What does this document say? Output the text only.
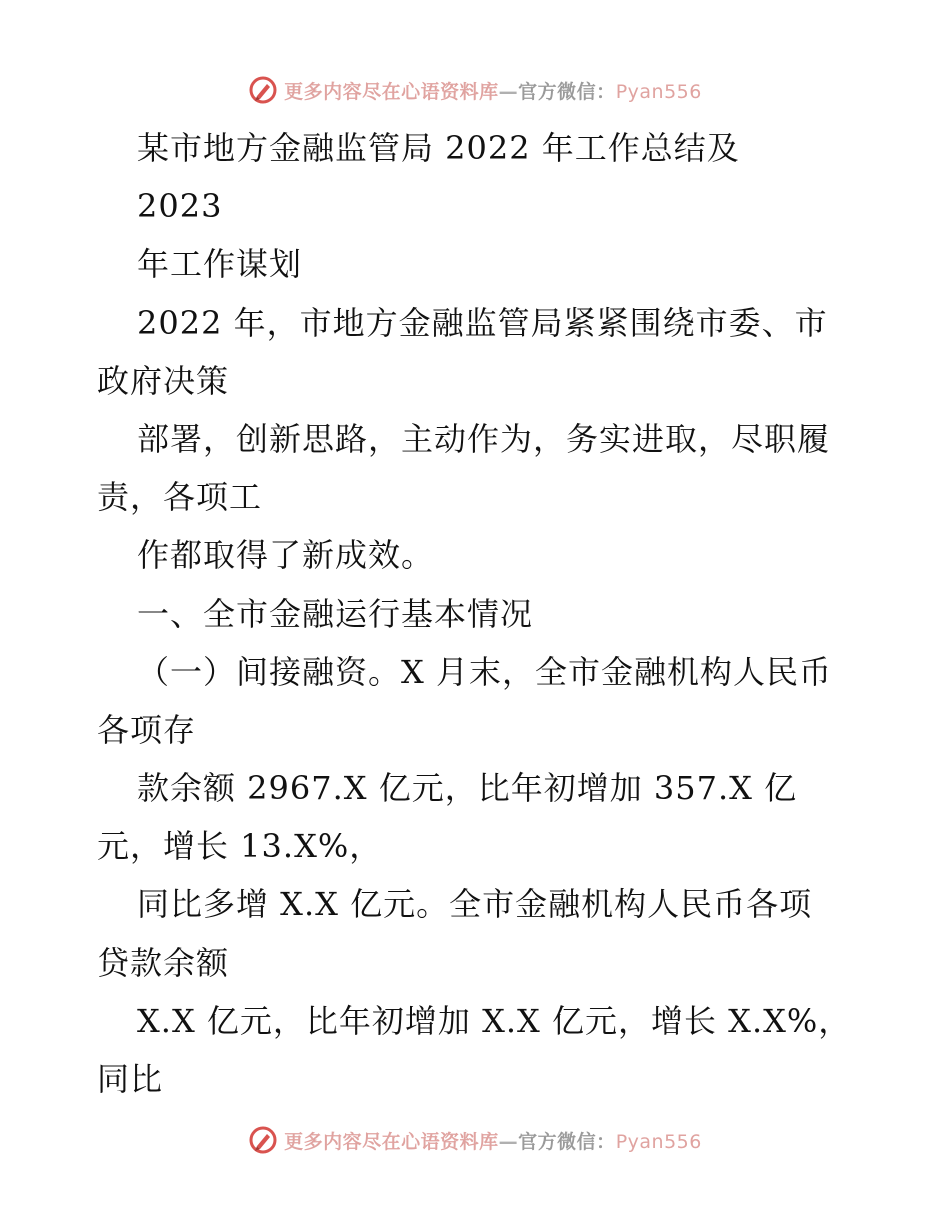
更多内容尽在心语资料库—官方微信：Pyan556
某市地方金融监管局 2022 年工作总结及
2023
年工作谋划
2022 年，市地方金融监管局紧紧围绕市委、市
政府决策
部署，创新思路，主动作为，务实进取，尽职履
责，各项工
作都取得了新成效。
一、全市金融运行基本情况
（一）间接融资。X 月末，全市金融机构人民币
各项存
款余额 2967.X 亿元，比年初增加 357.X 亿
元，增长 13.X%，
同比多增 X.X 亿元。全市金融机构人民币各项
贷款余额
X.X 亿元，比年初增加 X.X 亿元，增长 X.X%，
同比
更多内容尽在心语资料库—官方微信：Pyan556
